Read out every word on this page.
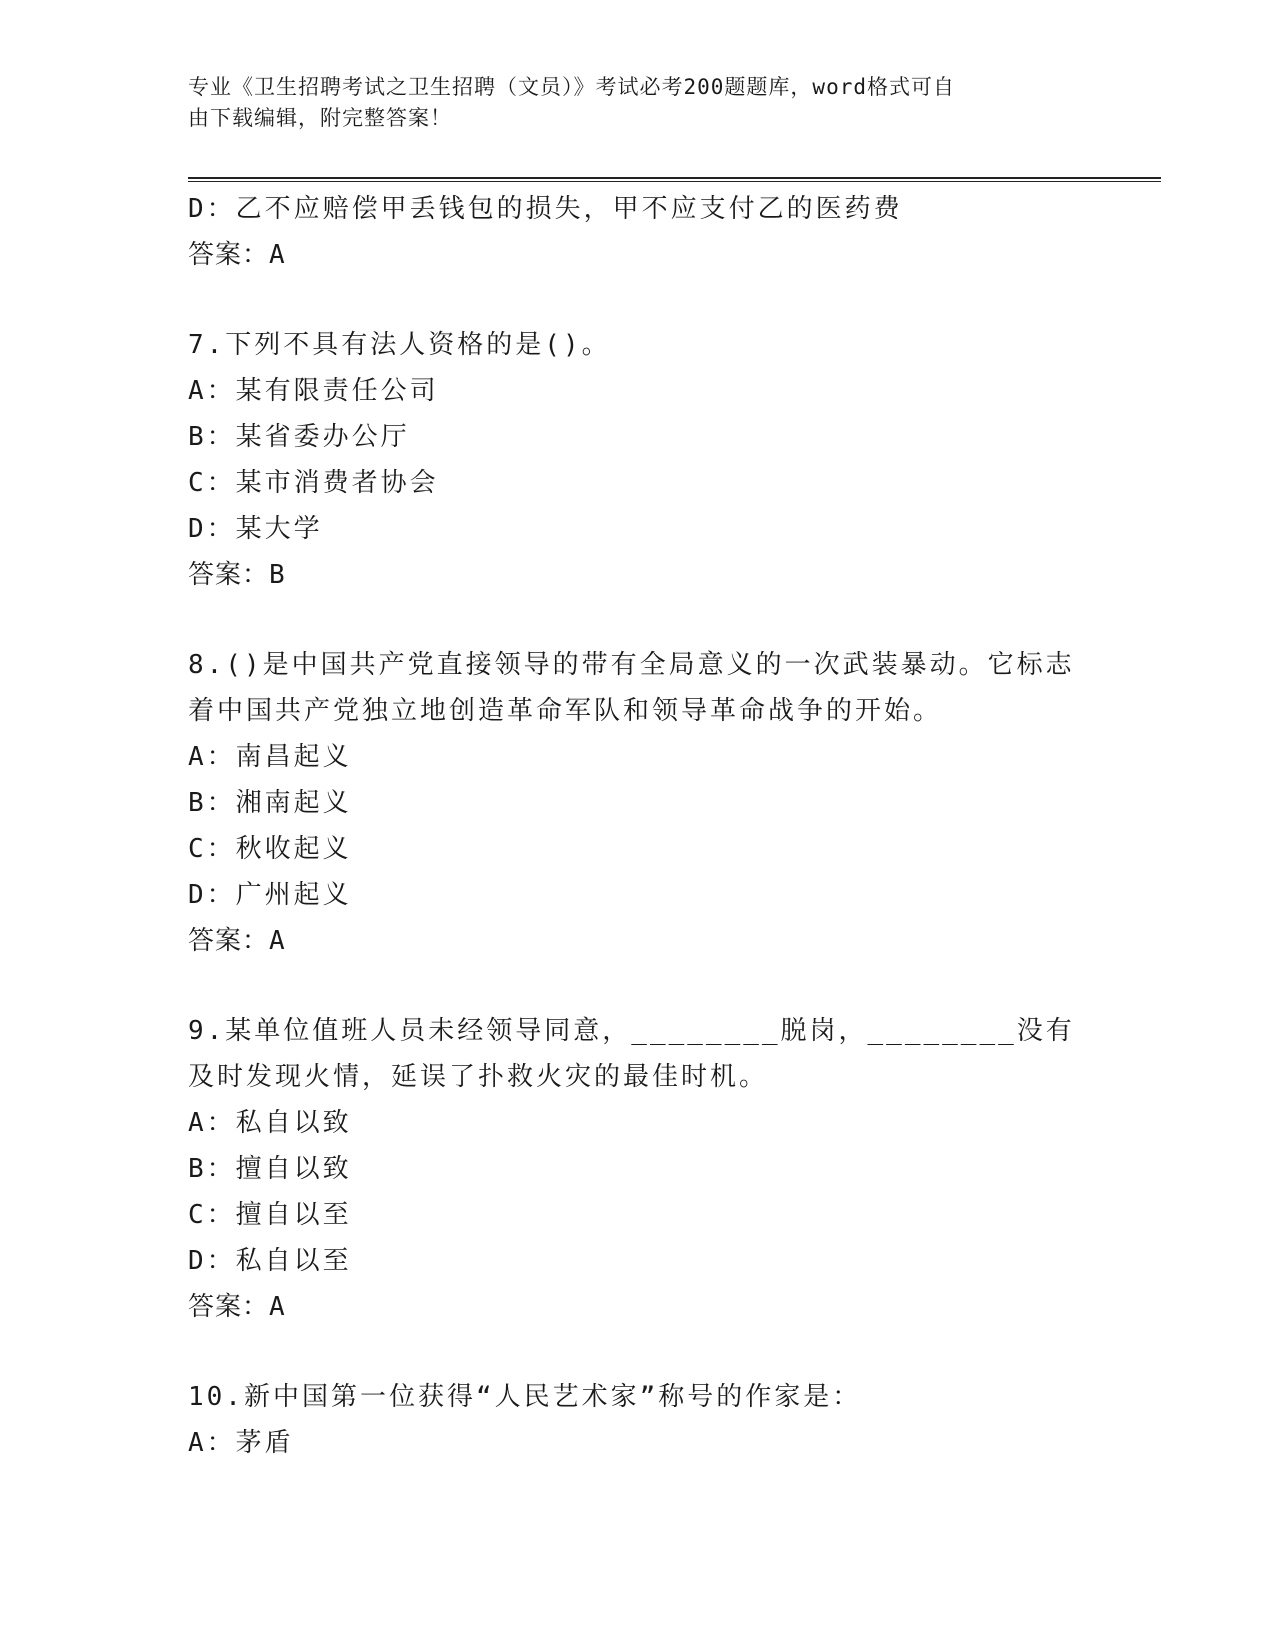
专业《卫生招聘考试之卫生招聘（文员）》考试必考200题题库，word格式可自
由下载编辑，附完整答案！
D：乙不应赔偿甲丢钱包的损失，甲不应支付乙的医药费
答案：A
7.下列不具有法人资格的是()。
A：某有限责任公司
B：某省委办公厅
C：某市消费者协会
D：某大学
答案：B
8.()是中国共产党直接领导的带有全局意义的一次武装暴动。它标志着中国共产党独立地创造革命军队和领导革命战争的开始。
A：南昌起义
B：湘南起义
C：秋收起义
D：广州起义
答案：A
9.某单位值班人员未经领导同意，________脱岗，________没有及时发现火情，延误了扑救火灾的最佳时机。
A：私自以致
B：擅自以致
C：擅自以至
D：私自以至
答案：A
10.新中国第一位获得“人民艺术家”称号的作家是：
A：茅盾
